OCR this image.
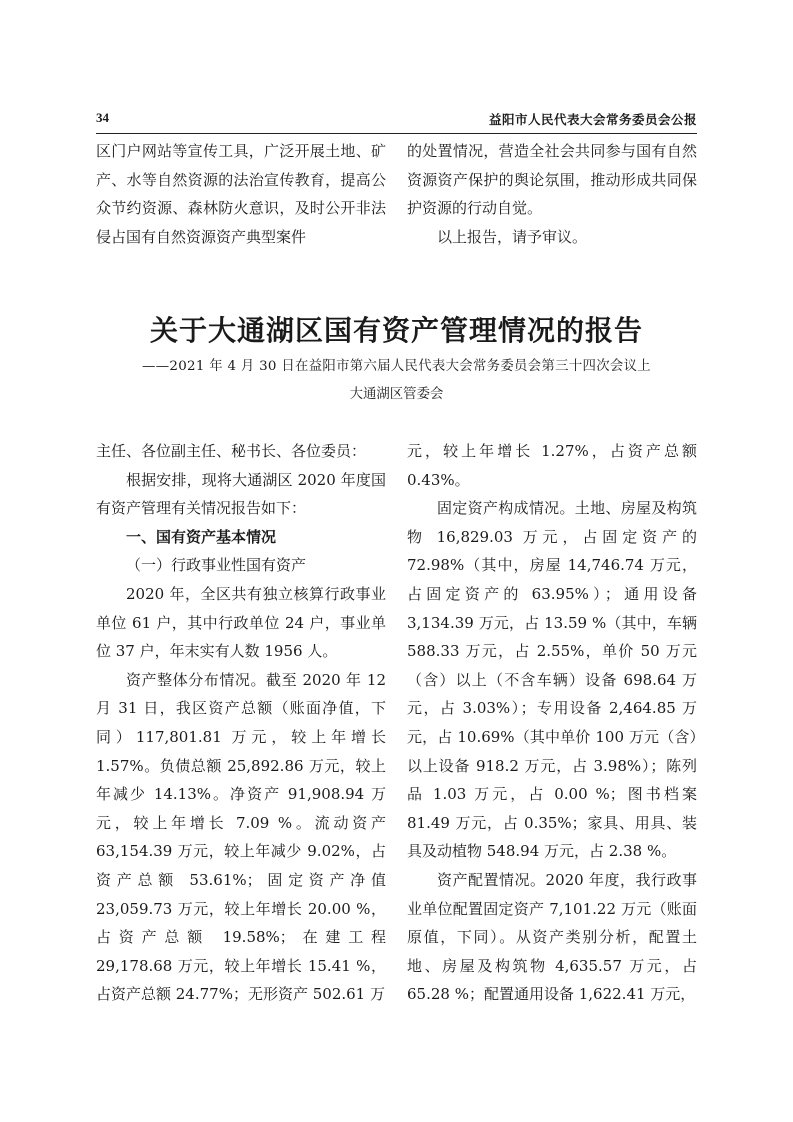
34	益阳市人民代表大会常务委员会公报

区门户网站等宣传工具，广泛开展土地、矿产、水等自然资源的法治宣传教育，提高公众节约资源、森林防火意识，及时公开非法侵占国有自然资源资产典型案件

的处置情况，营造全社会共同参与国有自然资源资产保护的舆论氛围，推动形成共同保护资源的行动自觉。

以上报告，请予审议。

关于大通湖区国有资产管理情况的报告
——2021 年 4 月 30 日在益阳市第六届人民代表大会常务委员会第三十四次会议上
大通湖区管委会

主任、各位副主任、秘书长、各位委员：

根据安排，现将大通湖区 2020 年度国有资产管理有关情况报告如下：

一、国有资产基本情况

（一）行政事业性国有资产

2020 年，全区共有独立核算行政事业单位 61 户，其中行政单位 24 户，事业单位 37 户，年末实有人数 1956 人。

资产整体分布情况。截至 2020 年 12 月 31 日，我区资产总额（账面净值，下同）117,801.81 万元，较上年增长 1.57%。负债总额 25,892.86 万元，较上年减少 14.13%。净资产 91,908.94 万元，较上年增长 7.09 %。流动资产 63,154.39 万元，较上年减少 9.02%，占资产总额 53.61%；固定资产净值 23,059.73 万元，较上年增长 20.00 %，占资产总额 19.58%；在建工程 29,178.68 万元，较上年增长 15.41 %，占资产总额 24.77%；无形资产 502.61 万

元，较上年增长 1.27%，占资产总额 0.43%。

固定资产构成情况。土地、房屋及构筑物 16,829.03 万元，占固定资产的 72.98%（其中，房屋 14,746.74 万元，占固定资产的 63.95%）；通用设备 3,134.39 万元，占 13.59 %（其中，车辆 588.33 万元，占 2.55%，单价 50 万元（含）以上（不含车辆）设备 698.64 万元，占 3.03%）；专用设备 2,464.85 万元，占 10.69%（其中单价 100 万元（含）以上设备 918.2 万元，占 3.98%）；陈列品 1.03 万元，占 0.00 %；图书档案 81.49 万元，占 0.35%；家具、用具、装具及动植物 548.94 万元，占 2.38 %。

资产配置情况。2020 年度，我行政事业单位配置固定资产 7,101.22 万元（账面原值，下同）。从资产类别分析，配置土地、房屋及构筑物 4,635.57 万元，占 65.28 %；配置通用设备 1,622.41 万元，
